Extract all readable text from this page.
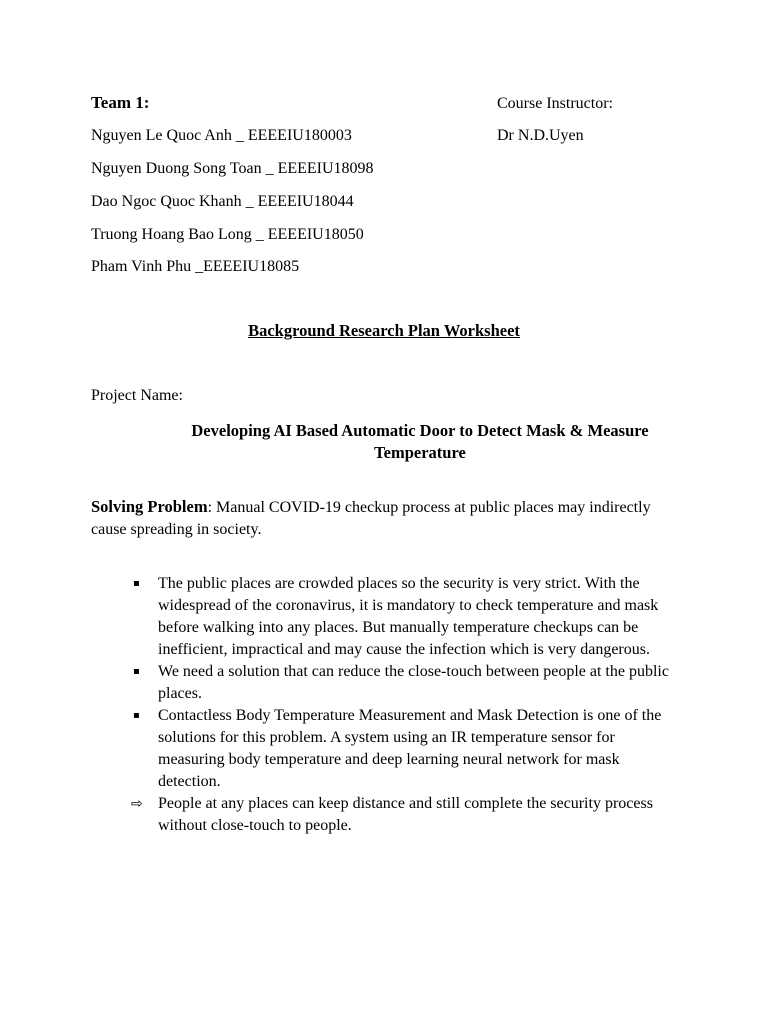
Team 1:	Course Instructor:
Dr N.D.Uyen
Nguyen Le Quoc Anh _ EEEEIU180003
Nguyen Duong Song Toan _ EEEEIU18098
Dao Ngoc Quoc Khanh _ EEEEIU18044
Truong Hoang Bao Long _ EEEEIU18050
Pham Vinh Phu _EEEEIU18085
Background Research Plan Worksheet
Project Name:
Developing AI Based Automatic Door to Detect Mask & Measure Temperature
Solving Problem: Manual COVID-19 checkup process at public places may indirectly cause spreading in society.
▪	The public places are crowded places so the security is very strict. With the widespread of the coronavirus, it is mandatory to check temperature and mask before walking into any places. But manually temperature checkups can be inefficient, impractical and may cause the infection which is very dangerous.
▪	We need a solution that can reduce the close-touch between people at the public places.
▪	Contactless Body Temperature Measurement and Mask Detection is one of the solutions for this problem. A system using an IR temperature sensor for measuring body temperature and deep learning neural network for mask detection.
⇨ People at any places can keep distance and still complete the security process without close-touch to people.
